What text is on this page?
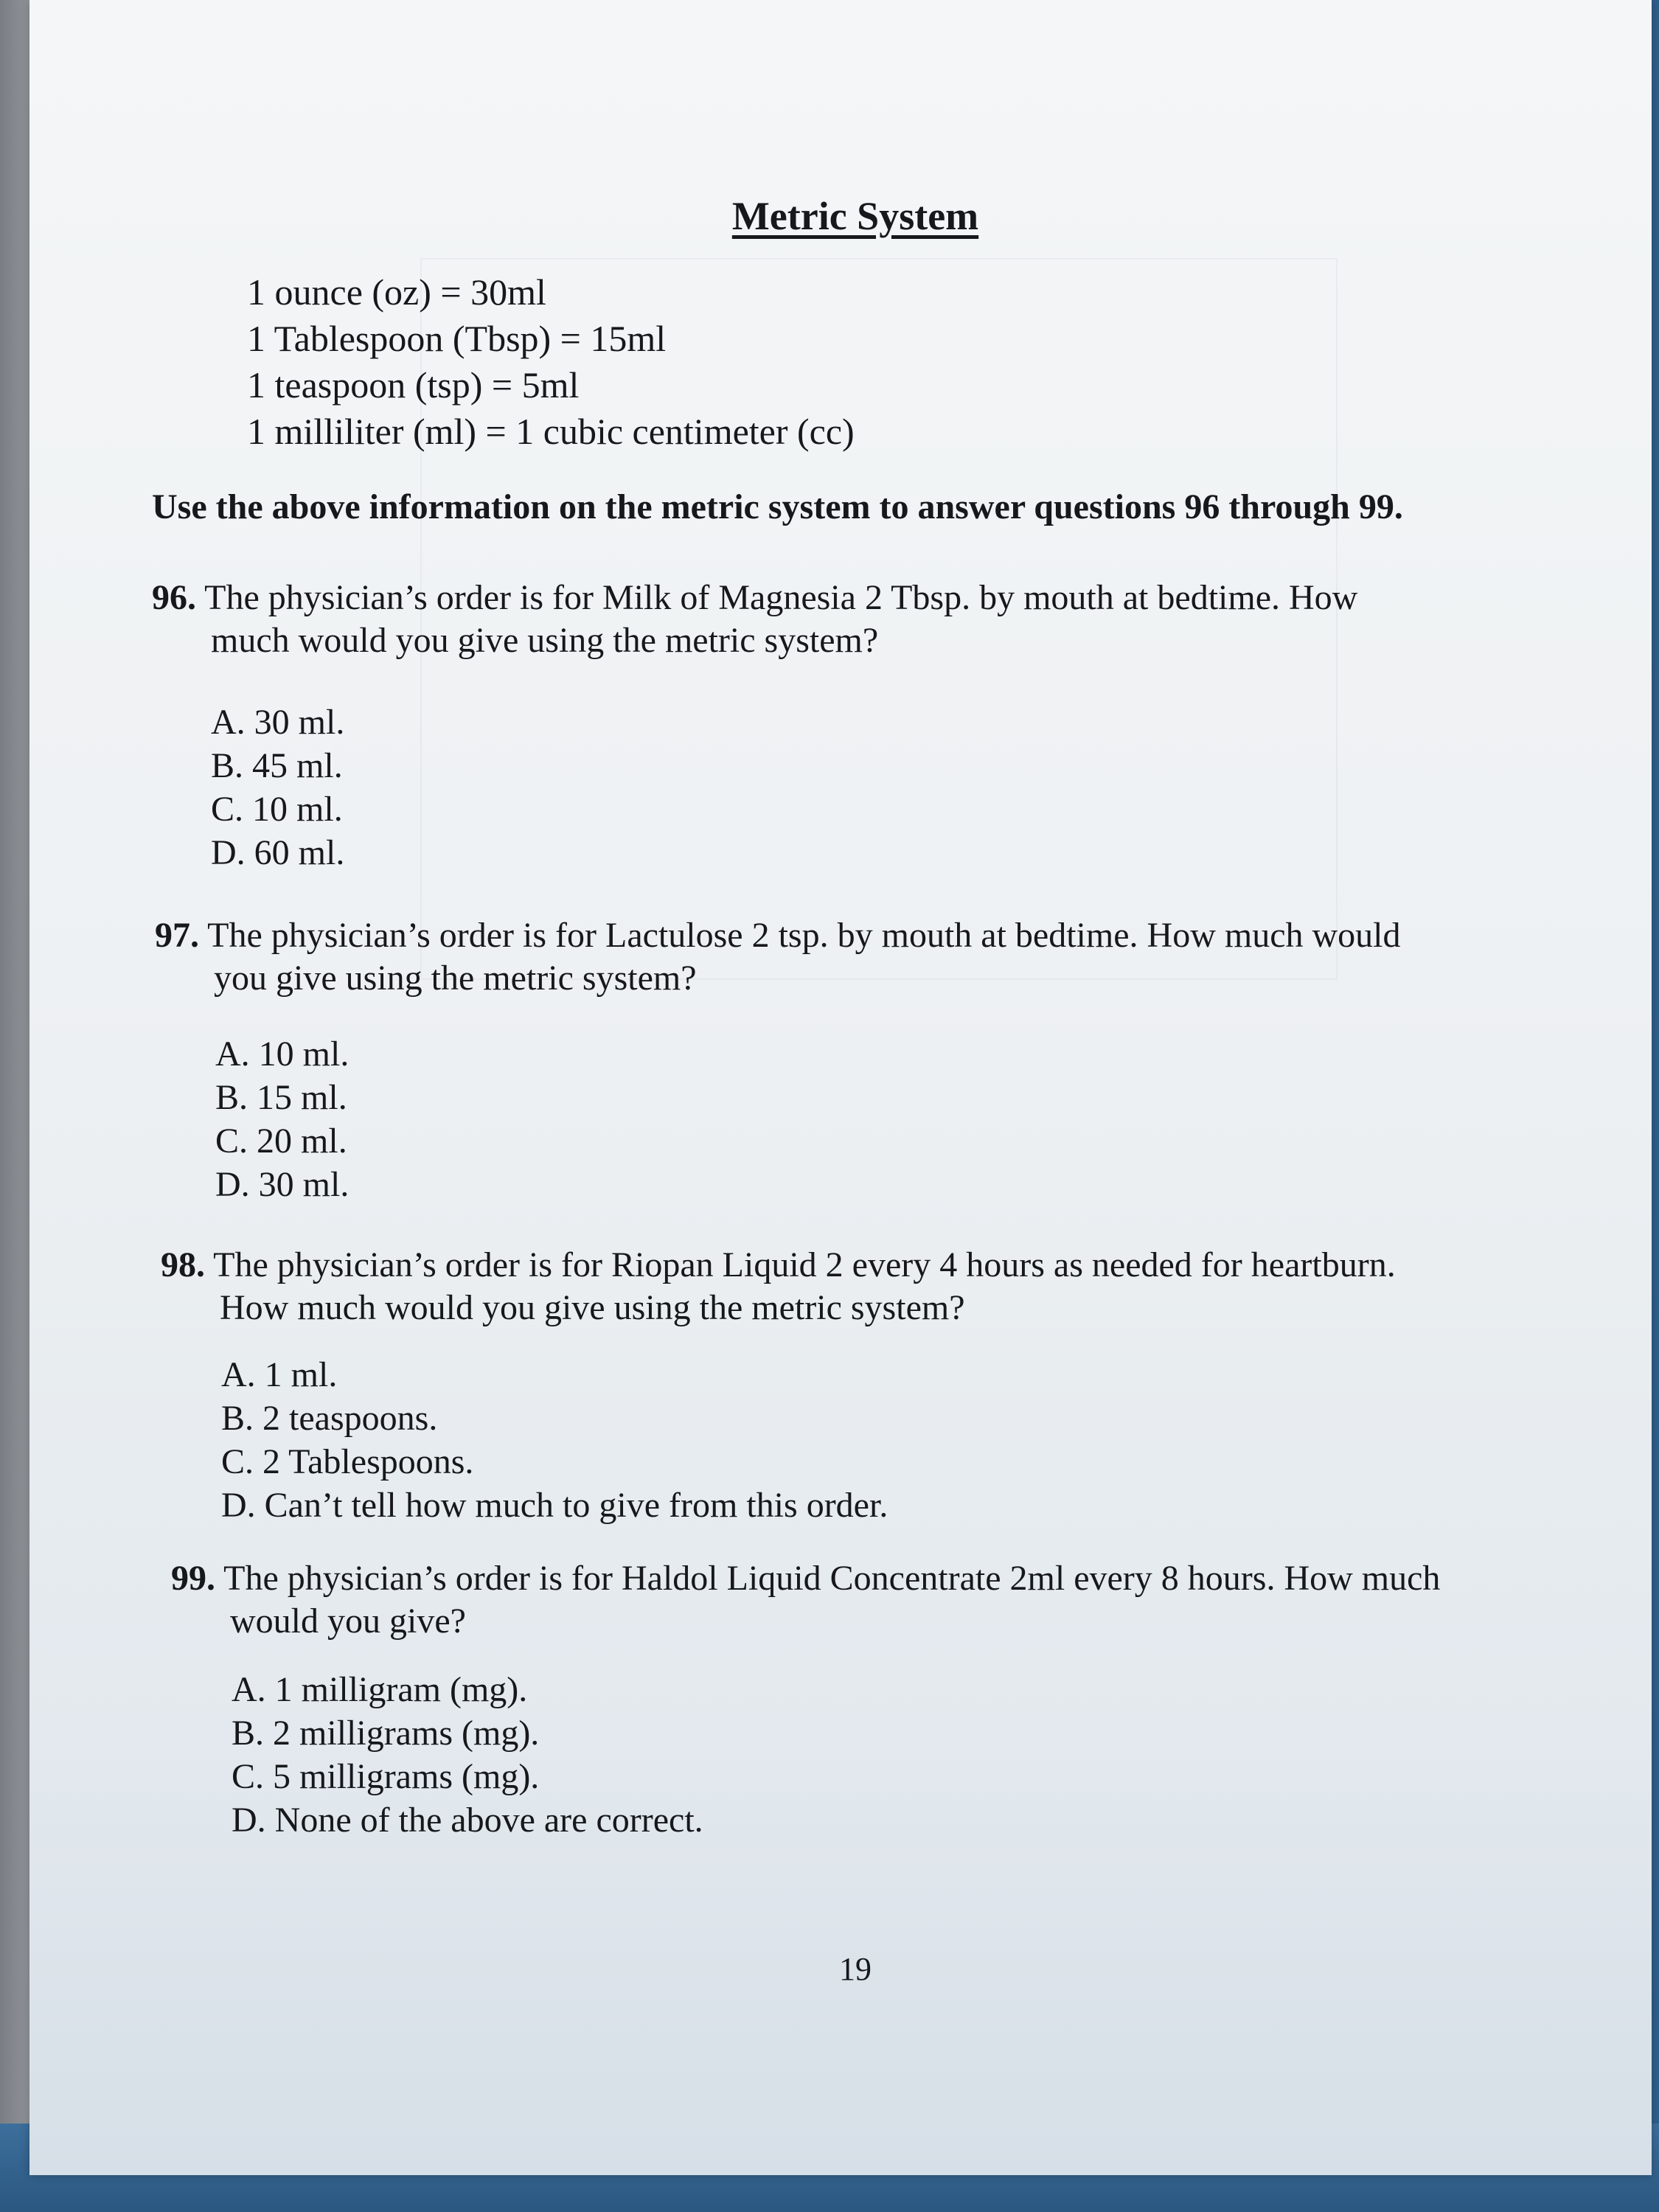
Metric System
1 ounce (oz) = 30ml
1 Tablespoon (Tbsp) = 15ml
1 teaspoon (tsp) = 5ml
1 milliliter (ml) = 1 cubic centimeter (cc)
Use the above information on the metric system to answer questions 96 through 99.
96. The physician’s order is for Milk of Magnesia 2 Tbsp. by mouth at bedtime. How
much would you give using the metric system?
A. 30 ml.
B. 45 ml.
C. 10 ml.
D. 60 ml.
97. The physician’s order is for Lactulose 2 tsp. by mouth at bedtime. How much would
you give using the metric system?
A. 10 ml.
B. 15 ml.
C. 20 ml.
D. 30 ml.
98. The physician’s order is for Riopan Liquid 2 every 4 hours as needed for heartburn.
How much would you give using the metric system?
A. 1 ml.
B. 2 teaspoons.
C. 2 Tablespoons.
D. Can’t tell how much to give from this order.
99. The physician’s order is for Haldol Liquid Concentrate 2ml every 8 hours. How much
would you give?
A. 1 milligram (mg).
B. 2 milligrams (mg).
C. 5 milligrams (mg).
D. None of the above are correct.
19
